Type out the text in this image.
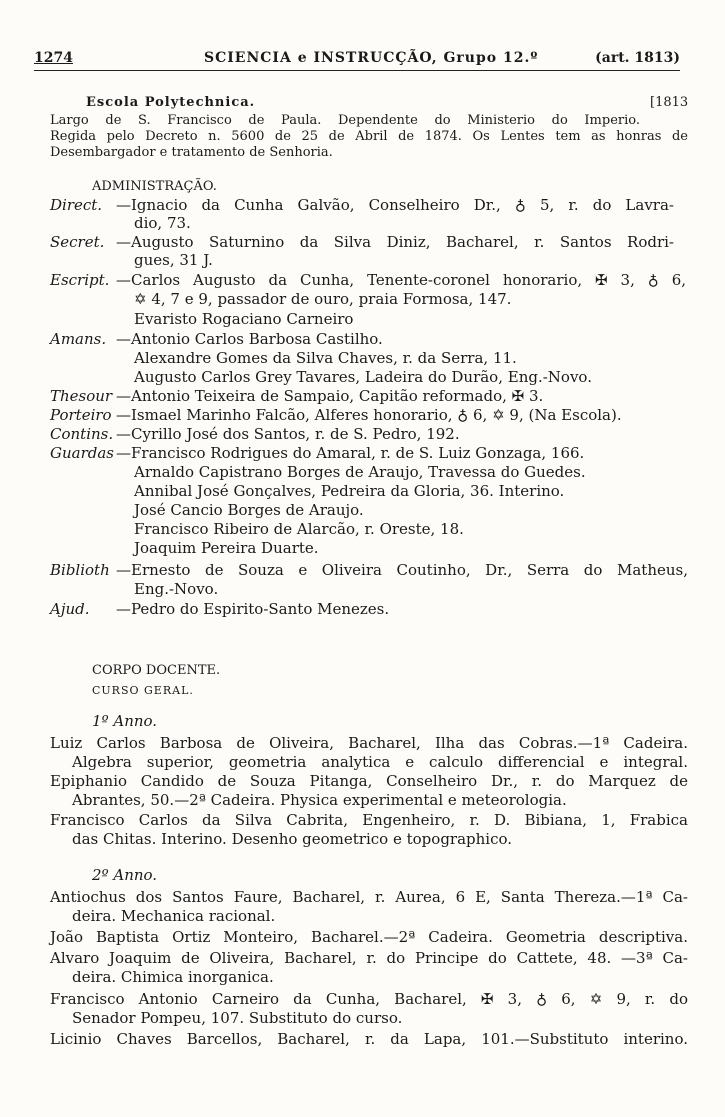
1274	SCIENCIA e INSTRUCÇÃO, Grupo 12.º	(art. 1813)
Escola Polytechnica.	[1813
Largo de S. Francisco de Paula. Dependente do Ministerio do Imperio.
Regida pelo Decreto n. 5600 de 25 de Abril de 1874. Os Lentes tem as honras de
Desembargador e tratamento de Senhoria.
ADMINISTRAÇÃO.
Direct. —Ignacio da Cunha Galvão, Conselheiro Dr., ♁ 5, r. do Lavra-
dio, 73.
Secret. —Augusto Saturnino da Silva Diniz, Bacharel, r. Santos Rodri-
gues, 31 J.
Escript. —Carlos Augusto da Cunha, Tenente-coronel honorario, ✠ 3, ♁ 6,
✡ 4, 7 e 9, passador de ouro, praia Formosa, 147.
Evaristo Rogaciano Carneiro
Amans. —Antonio Carlos Barbosa Castilho.
Alexandre Gomes da Silva Chaves, r. da Serra, 11.
Augusto Carlos Grey Tavares, Ladeira do Durão, Eng.-Novo.
Thesour —Antonio Teixeira de Sampaio, Capitão reformado, ✠ 3.
Porteiro —Ismael Marinho Falcão, Alferes honorario, ♁ 6, ✡ 9, (Na Escola).
Contins. —Cyrillo José dos Santos, r. de S. Pedro, 192.
Guardas —Francisco Rodrigues do Amaral, r. de S. Luiz Gonzaga, 166.
Arnaldo Capistrano Borges de Araujo, Travessa do Guedes.
Annibal José Gonçalves, Pedreira da Gloria, 36. Interino.
José Cancio Borges de Araujo.
Francisco Ribeiro de Alarcão, r. Oreste, 18.
Joaquim Pereira Duarte.
Biblioth —Ernesto de Souza e Oliveira Coutinho, Dr., Serra do Matheus,
Eng.-Novo.
Ajud. —Pedro do Espirito-Santo Menezes.
CORPO DOCENTE.
CURSO GERAL.
1º Anno.
Luiz Carlos Barbosa de Oliveira, Bacharel, Ilha das Cobras.—1ª Cadeira.
Algebra superior, geometria analytica e calculo differencial e integral.
Epiphanio Candido de Souza Pitanga, Conselheiro Dr., r. do Marquez de
Abrantes, 50.—2ª Cadeira. Physica experimental e meteorologia.
Francisco Carlos da Silva Cabrita, Engenheiro, r. D. Bibiana, 1, Frabica
das Chitas. Interino. Desenho geometrico e topographico.
2º Anno.
Antiochus dos Santos Faure, Bacharel, r. Aurea, 6 E, Santa Thereza.—1ª Ca-
deira. Mechanica racional.
João Baptista Ortiz Monteiro, Bacharel.—2ª Cadeira. Geometria descriptiva.
Alvaro Joaquim de Oliveira, Bacharel, r. do Principe do Cattete, 48. —3ª Ca-
deira. Chimica inorganica.
Francisco Antonio Carneiro da Cunha, Bacharel, ✠ 3, ♁ 6, ✡ 9, r. do
Senador Pompeu, 107. Substituto do curso.
Licinio Chaves Barcellos, Bacharel, r. da Lapa, 101.—Substituto interino.
